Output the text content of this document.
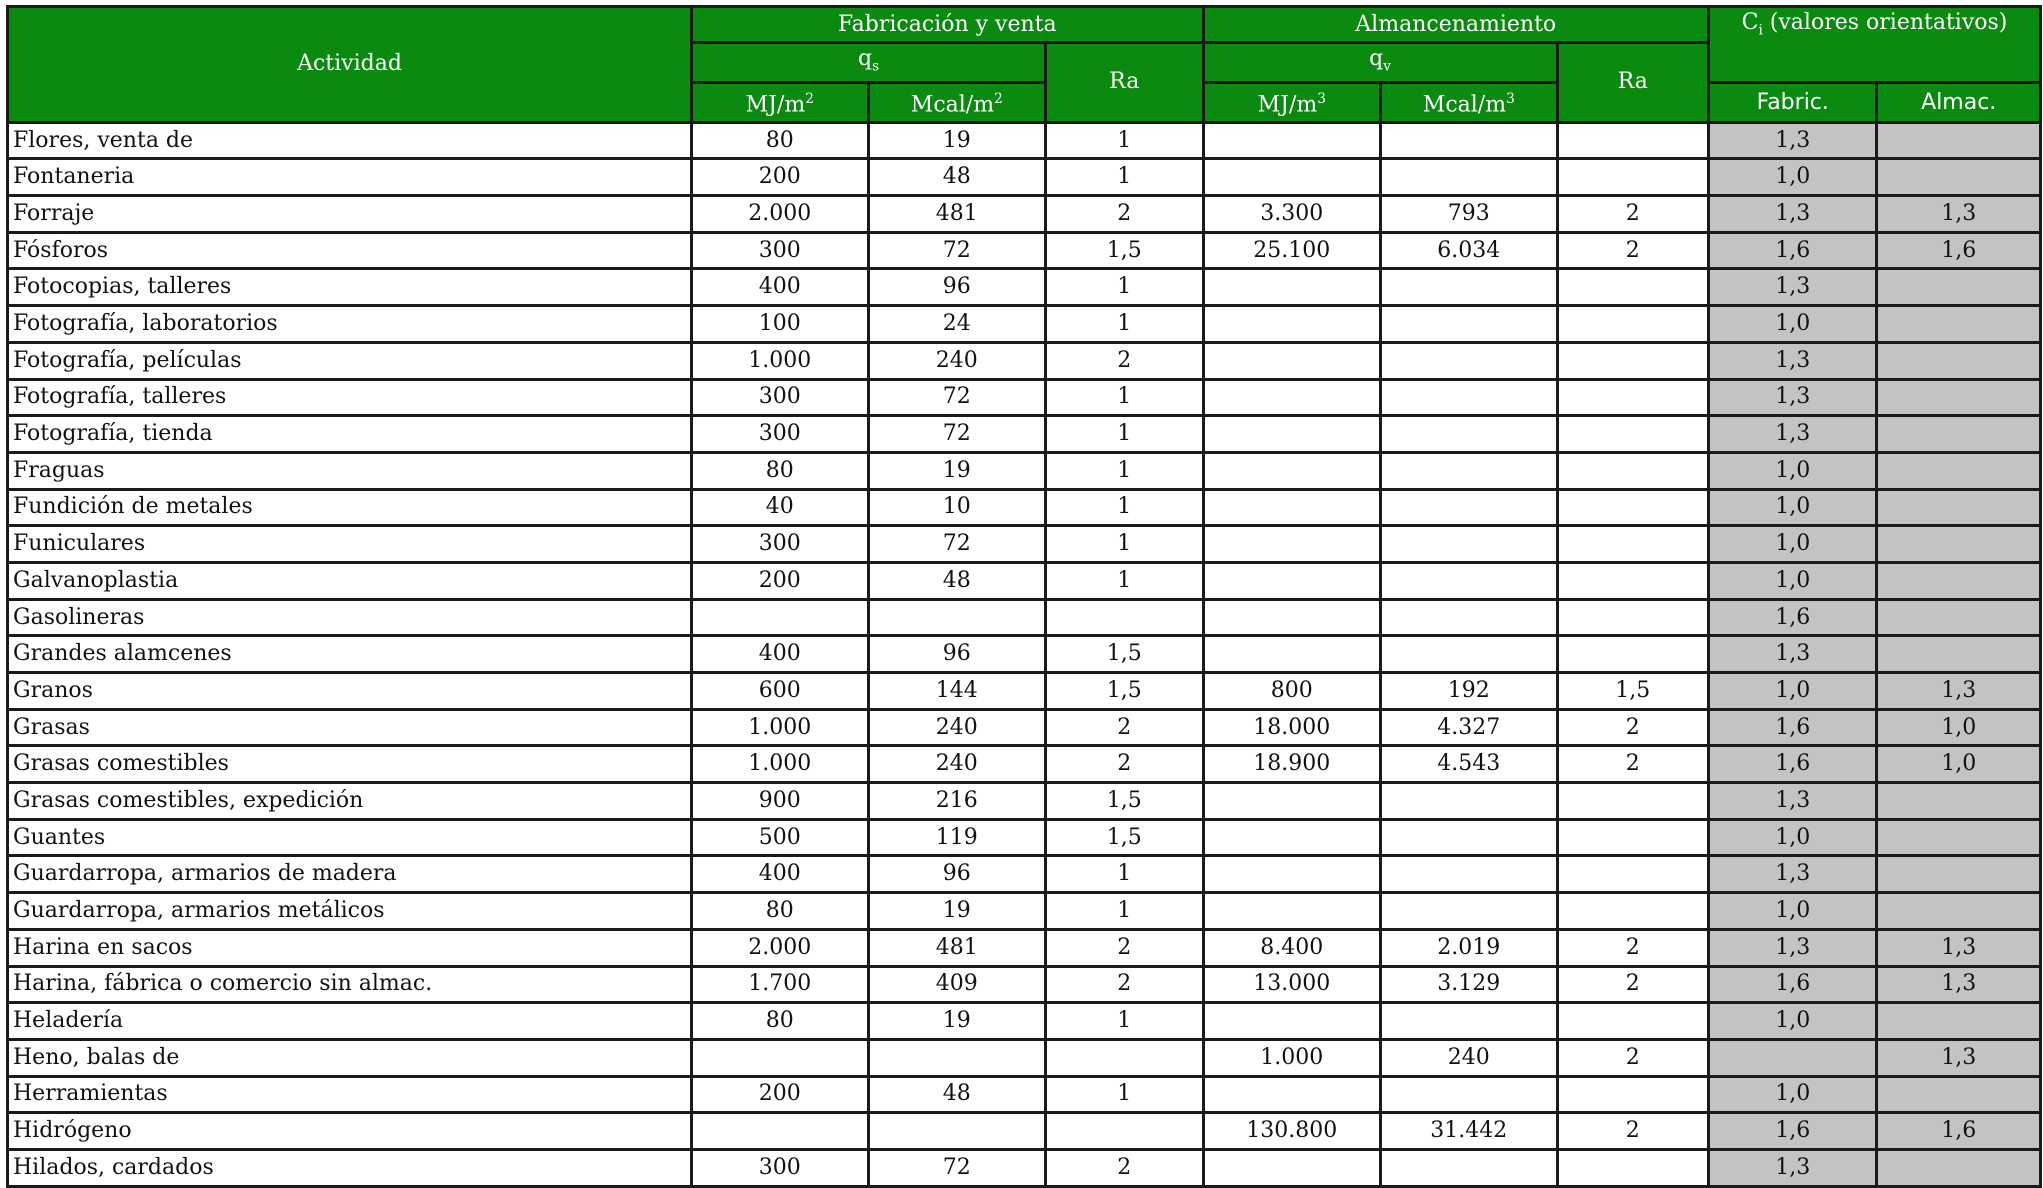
Actividad	Fabricación y venta			Almancenamiento			$C_i$ (valores orientativos)	
	$q_s$		Ra	$q_v$		Ra		
	$MJ/m^2$	Mcal/$m^2$		$MJ/m^3$	Mcal/$m^3$		Fabric.	Almac.
Flores, venta de	80	19	1				1,3	
Fontaneria	200	48	1				1,0	
Forraje	2.000	481	2	3.300	793	2	1,3	1,3
Fósforos	300	72	1,5	25.100	6.034	2	1,6	1,6
Fotocopias, talleres	400	96	1				1,3	
Fotografía, laboratorios	100	24	1				1,0	
Fotografía, películas	1.000	240	2				1,3	
Fotografía, talleres	300	72	1				1,3	
Fotografía, tienda	300	72	1				1,3	
Fraguas	80	19	1				1,0	
Fundición de metales	40	10	1				1,0	
Funiculares	300	72	1				1,0	
Galvanoplastia	200	48	1				1,0	
Gasolineras							1,6	
Grandes alamcenes	400	96	1,5				1,3	
Granos	600	144	1,5	800	192	1,5	1,0	1,3
Grasas	1.000	240	2	18.000	4.327	2	1,6	1,0
Grasas comestibles	1.000	240	2	18.900	4.543	2	1,6	1,0
Grasas comestibles, expedición	900	216	1,5				1,3	
Guantes	500	119	1,5				1,0	
Guardarropa, armarios de madera	400	96	1				1,3	
Guardarropa, armarios metálicos	80	19	1				1,0	
Harina en sacos	2.000	481	2	8.400	2.019	2	1,3	1,3
Harina, fábrica o comercio sin almac.	1.700	409	2	13.000	3.129	2	1,6	1,3
Heladería	80	19	1				1,0	
Heno, balas de				1.000	240	2		1,3
Herramientas	200	48	1				1,0	
Hidrógeno				130.800	31.442	2	1,6	1,6
Hilados, cardados	300	72	2				1,3	
